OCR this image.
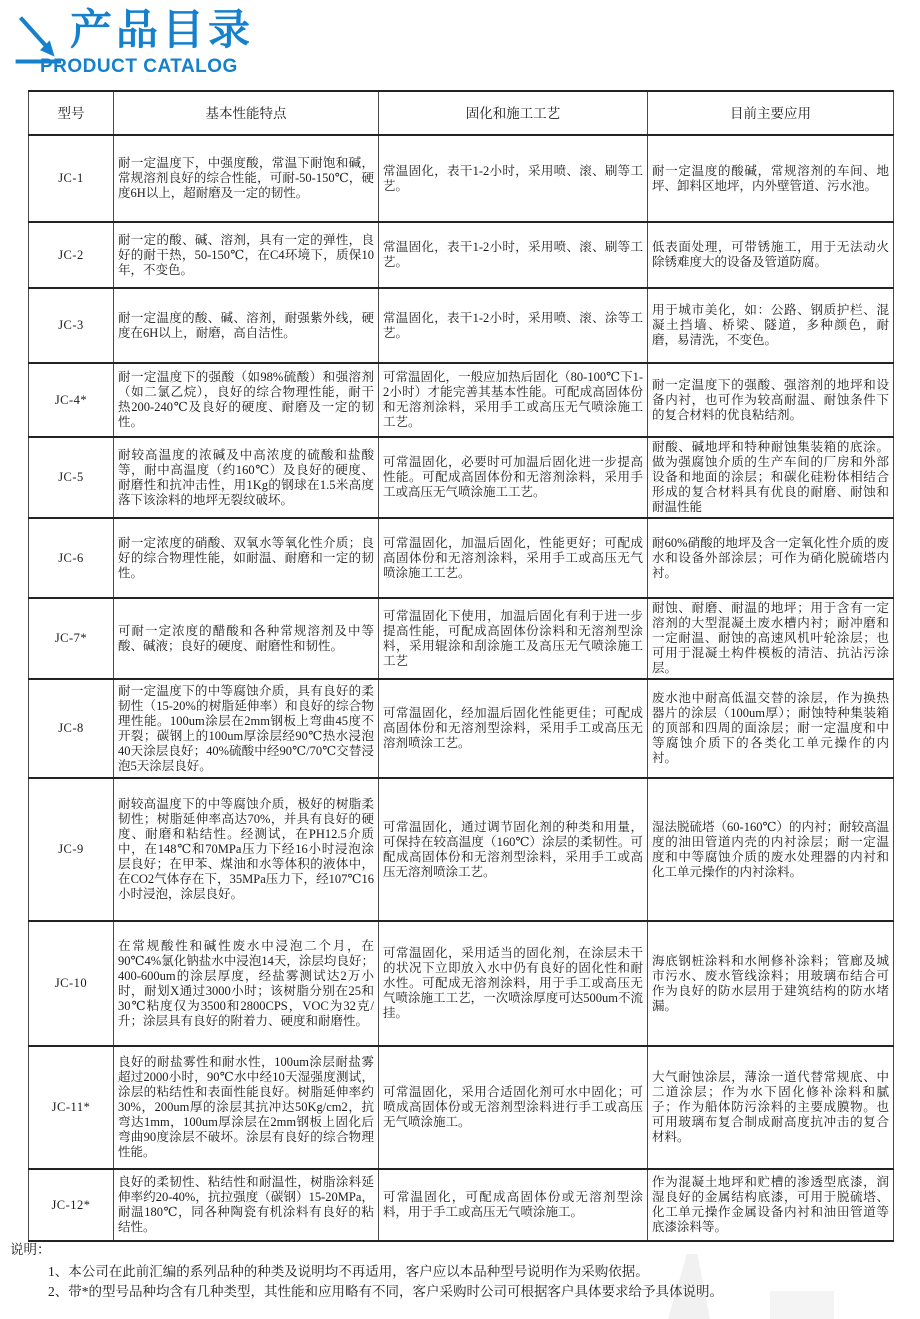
产品目录
PRODUCT CATALOG
型号	基本性能特点	固化和施工工艺	目前主要应用
JC-1	耐一定温度下，中强度酸，常温下耐饱和碱，常规溶剂良好的综合性能，可耐-50-150℃，硬度6H以上，超耐磨及一定的韧性。	常温固化，表干1-2小时，采用喷、滚、刷等工艺。	耐一定温度的酸碱，常规溶剂的车间、地坪、卸料区地坪，内外壁管道、污水池。
JC-2	耐一定的酸、碱、溶剂，具有一定的弹性，良好的耐干热，50-150℃，在C4环境下，质保10年，不变色。	常温固化，表干1-2小时，采用喷、滚、刷等工艺。	低表面处理，可带锈施工，用于无法动火除锈难度大的设备及管道防腐。
JC-3	耐一定温度的酸、碱、溶剂，耐强紫外线，硬度在6H以上，耐磨，高自洁性。	常温固化，表干1-2小时，采用喷、滚、涂等工艺。	用于城市美化，如：公路、钢质护栏、混凝土挡墙、桥梁、隧道，多种颜色，耐磨，易清洗，不变色。
JC-4*	耐一定温度下的强酸（如98%硫酸）和强溶剂（如二氯乙烷），良好的综合物理性能，耐干热200-240℃及良好的硬度、耐磨及一定的韧性。	可常温固化，一般应加热后固化（80-100℃下1-2小时）才能完善其基本性能。可配成高固体份和无溶剂涂料，采用手工或高压无气喷涂施工工艺。	耐一定温度下的强酸、强溶剂的地坪和设备内衬，也可作为较高耐温、耐蚀条件下的复合材料的优良粘结剂。
JC-5	耐较高温度的浓碱及中高浓度的硫酸和盐酸等，耐中高温度（约160℃）及良好的硬度、耐磨性和抗冲击性，用1Kg的钢球在1.5米高度落下该涂料的地坪无裂纹破坏。	可常温固化，必要时可加温后固化进一步提高性能。可配成高固体份和无溶剂涂料，采用手工或高压无气喷涂施工工艺。	耐酸、碱地坪和特种耐蚀集装箱的底涂。做为强腐蚀介质的生产车间的厂房和外部设备和地面的涂层；和碳化硅粉体相结合形成的复合材料具有优良的耐磨、耐蚀和耐温性能
JC-6	耐一定浓度的硝酸、双氧水等氧化性介质；良好的综合物理性能，如耐温、耐磨和一定的韧性。	可常温固化，加温后固化，性能更好；可配成高固体份和无溶剂涂料，采用手工或高压无气喷涂施工工艺。	耐60%硝酸的地坪及含一定氧化性介质的废水和设备外部涂层；可作为硝化脱硫塔内衬。
JC-7*	可耐一定浓度的醋酸和各种常规溶剂及中等酸、碱液；良好的硬度、耐磨性和韧性。	可常温固化下使用，加温后固化有利于进一步提高性能，可配成高固体份涂料和无溶剂型涂料，采用辊涂和刮涂施工及高压无气喷涂施工工艺	耐蚀、耐磨、耐温的地坪；用于含有一定溶剂的大型混凝土废水槽内衬；耐冲磨和一定耐温、耐蚀的高速风机叶轮涂层；也可用于混凝土构件模板的清洁、抗沾污涂层。
JC-8	耐一定温度下的中等腐蚀介质，具有良好的柔韧性（15-20%的树脂延伸率）和良好的综合物理性能。100um涂层在2mm钢板上弯曲45度不开裂；碳钢上的100um厚涂层经90℃热水浸泡40天涂层良好；40%硫酸中经90℃/70℃交替浸泡5天涂层良好。	可常温固化，经加温后固化性能更佳；可配成高固体份和无溶剂型涂料，采用手工或高压无溶剂喷涂工艺。	废水池中耐高低温交替的涂层，作为换热器片的涂层（100um厚）；耐蚀特种集装箱的顶部和四周的面涂层；耐一定温度和中等腐蚀介质下的各类化工单元操作的内衬。
JC-9	耐较高温度下的中等腐蚀介质，极好的树脂柔韧性；树脂延伸率高达70%，并具有良好的硬度、耐磨和粘结性。经测试，在PH12.5介质中，在148℃和70MPa压力下经16小时浸泡涂层良好；在甲苯、煤油和水等体积的液体中，在CO2气体存在下，35MPa压力下，经107℃16小时浸泡，涂层良好。	可常温固化，通过调节固化剂的种类和用量，可保持在较高温度（160℃）涂层的柔韧性。可配成高固体份和无溶剂型涂料，采用手工或高压无溶剂喷涂工艺。	湿法脱硫塔（60-160℃）的内衬；耐较高温度的油田管道内壳的内衬涂层；耐一定温度和中等腐蚀介质的废水处理器的内衬和化工单元操作的内衬涂料。
JC-10	在常规酸性和碱性废水中浸泡二个月，在90℃4%氯化钠盐水中浸泡14天，涂层均良好；400-600um的涂层厚度，经盐雾测试达2万小时，耐划X通过3000小时；该树脂分别在25和30℃粘度仅为3500和2800CPS，VOC为32克/升；涂层具有良好的附着力、硬度和耐磨性。	可常温固化，采用适当的固化剂，在涂层未干的状况下立即放入水中仍有良好的固化性和耐水性。可配成无溶剂涂料，用于手工或高压无气喷涂施工工艺，一次喷涂厚度可达500um不流挂。	海底钢桩涂料和水闸修补涂料；管廊及城市污水、废水管线涂料；用玻璃布结合可作为良好的防水层用于建筑结构的防水堵漏。
JC-11*	良好的耐盐雾性和耐水性，100um涂层耐盐雾超过2000小时，90℃水中经10天湿强度测试，涂层的粘结性和表面性能良好。树脂延伸率约30%，200um厚的涂层其抗冲达50Kg/cm2，抗弯达1mm，100um厚涂层在2mm钢板上固化后弯曲90度涂层不破坏。涂层有良好的综合物理性能。	可常温固化，采用合适固化剂可水中固化；可喷成高固体份或无溶剂型涂料进行手工或高压无气喷涂施工。	大气耐蚀涂层，薄涂一道代替常规底、中二道涂层；作为水下固化修补涂料和腻子；作为船体防污涂料的主要成膜物。也可用玻璃布复合制成耐高度抗冲击的复合材料。
JC-12*	良好的柔韧性、粘结性和耐温性，树脂涂料延伸率约20-40%，抗拉强度（碳钢）15-20MPa，耐温180℃，同各种陶瓷有机涂料有良好的粘结性。	可常温固化，可配成高固体份或无溶剂型涂料，用于手工或高压无气喷涂施工。	作为混凝土地坪和贮槽的渗透型底漆，润湿良好的金属结构底漆，可用于脱硫塔、化工单元操作金属设备内衬和油田管道等底漆涂料等。
说明：
1、本公司在此前汇编的系列品种的种类及说明均不再适用，客户应以本品种型号说明作为采购依据。
2、带*的型号品种均含有几种类型，其性能和应用略有不同，客户采购时公司可根据客户具体要求给予具体说明。
